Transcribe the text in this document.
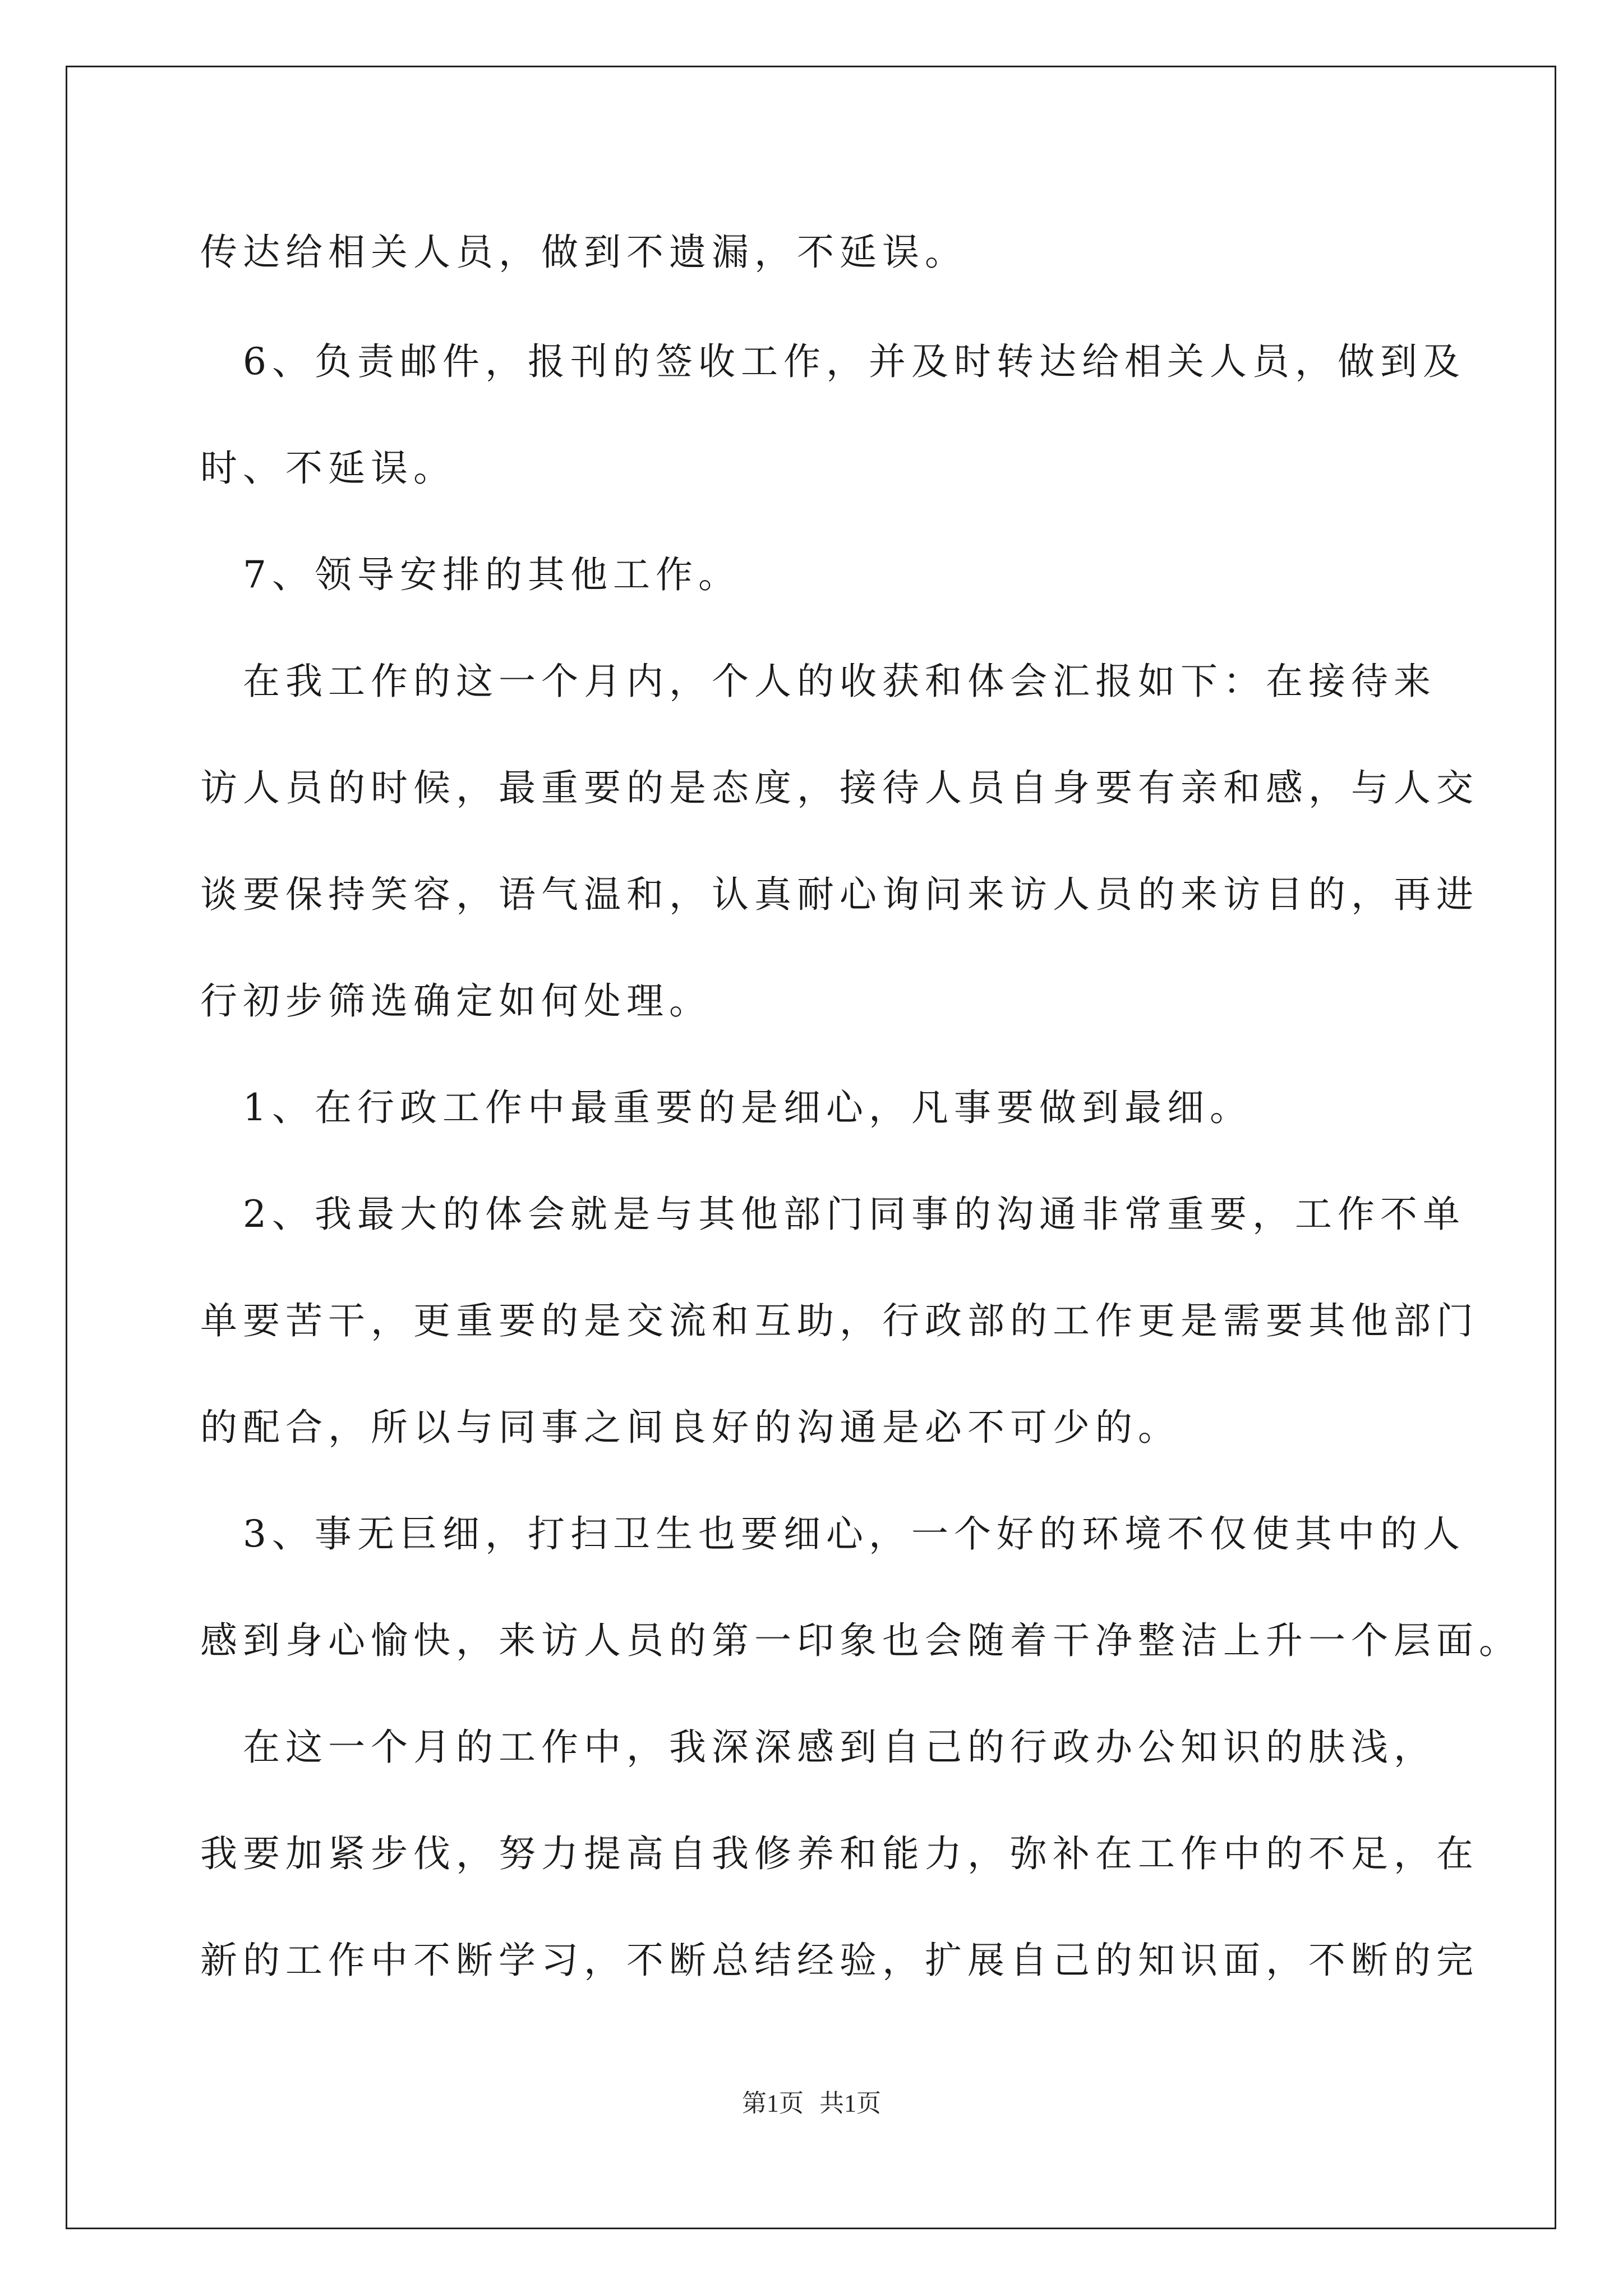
传达给相关人员，做到不遗漏，不延误。
　6、负责邮件，报刊的签收工作，并及时转达给相关人员，做到及
时、不延误。
　7、领导安排的其他工作。
　在我工作的这一个月内，个人的收获和体会汇报如下：在接待来
访人员的时候，最重要的是态度，接待人员自身要有亲和感，与人交
谈要保持笑容，语气温和，认真耐心询问来访人员的来访目的，再进
行初步筛选确定如何处理。
　1、在行政工作中最重要的是细心，凡事要做到最细。
　2、我最大的体会就是与其他部门同事的沟通非常重要，工作不单
单要苦干，更重要的是交流和互助，行政部的工作更是需要其他部门
的配合，所以与同事之间良好的沟通是必不可少的。
　3、事无巨细，打扫卫生也要细心，一个好的环境不仅使其中的人
感到身心愉快，来访人员的第一印象也会随着干净整洁上升一个层面。
　在这一个月的工作中，我深深感到自己的行政办公知识的肤浅，
我要加紧步伐，努力提高自我修养和能力，弥补在工作中的不足，在
新的工作中不断学习，不断总结经验，扩展自己的知识面，不断的完
第1页 共1页
